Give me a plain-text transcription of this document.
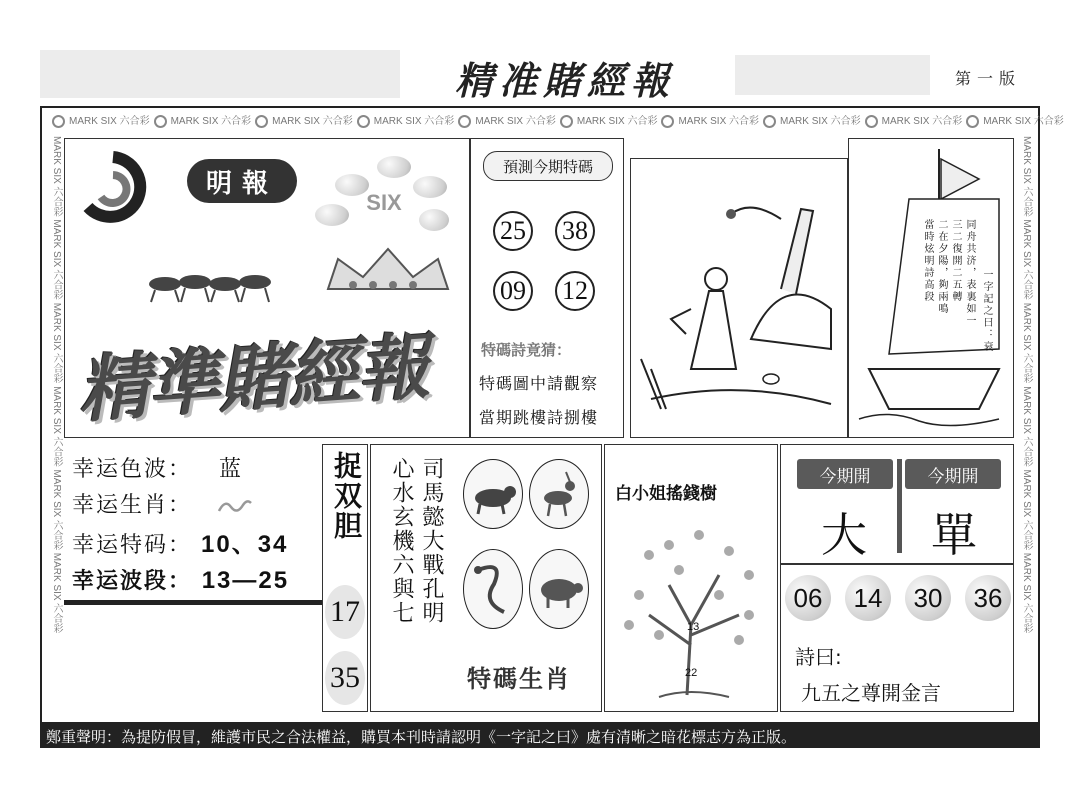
精准賭經報	第一版
MARK SIX 六合彩 MARK SIX 六合彩 MARK SIX 六合彩 MARK SIX 六合彩 MARK SIX 六合彩 MARK SIX 六合彩 MARK SIX 六合彩 MARK SIX 六合彩 MARK SIX 六合彩 MARK SIX 六合彩
MARK SIX 六合彩 MARK SIX 六合彩 MARK SIX 六合彩 MARK SIX 六合彩 MARK SIX 六合彩 MARK SIX 六合彩
MARK SIX 六合彩 MARK SIX 六合彩 MARK SIX 六合彩 MARK SIX 六合彩 MARK SIX 六合彩 MARK SIX 六合彩
明報
SIX
精準賭經報
預測今期特碼
25 38
09 12
特碼詩竟猜：
特碼圖中請觀察
當期跳樓詩捌樓
一字記之曰：衰
同舟共济，表裏如一
三二復開二五轉
二在夕陽，夠兩鳴
當時炫明詩高段
幸运色波： 蓝
幸运生肖：
幸运特码： 10、34
幸运波段： 13—25
捉双胆
17
35
司馬懿大戰孔明
心水玄機六與七
特碼生肖
白小姐搖錢樹
13
22
今期開	今期開
大	單
06	14	30	36
詩曰:
九五之尊開金言
鄭重聲明：為提防假冒，維護市民之合法權益，購買本刊時請認明《一字記之曰》處有清晰之暗花標志方為正版。
